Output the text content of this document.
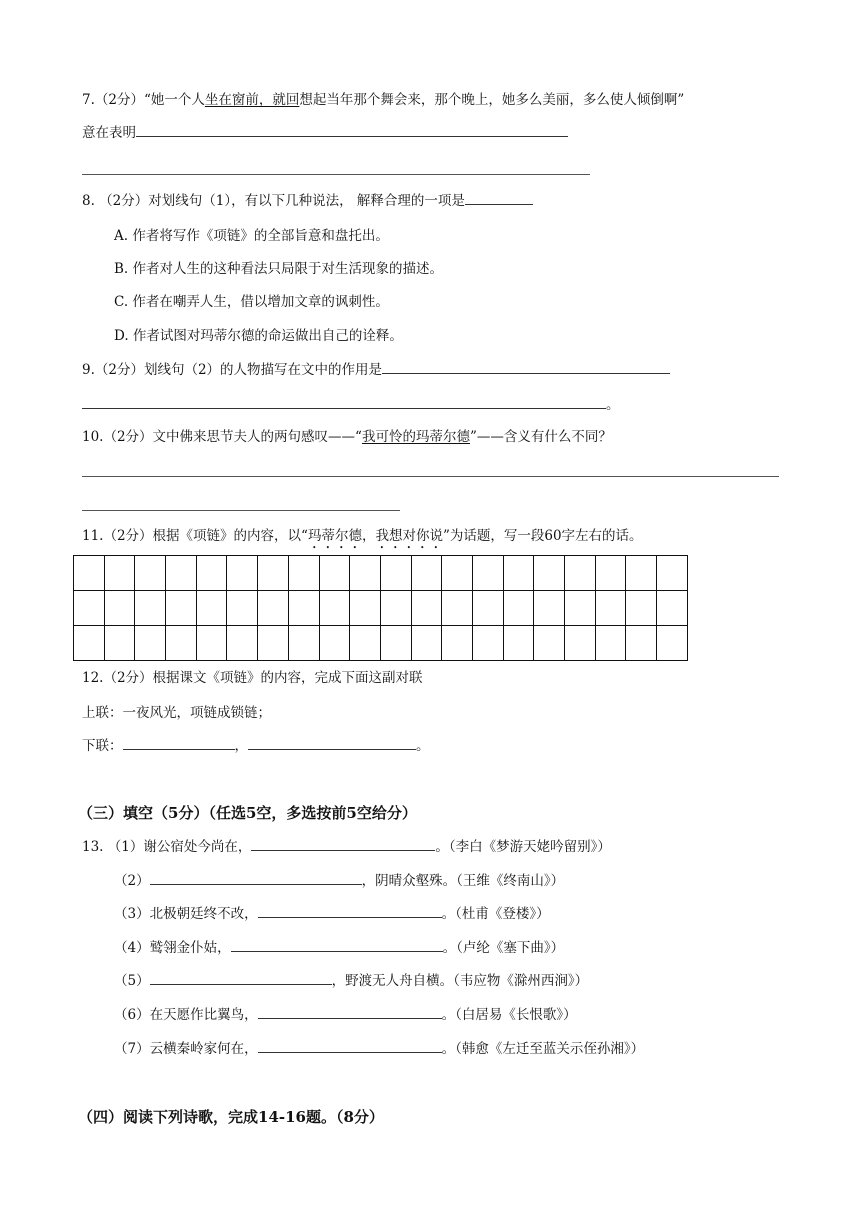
7.（2分）“她一个人坐在窗前，就回想起当年那个舞会来，那个晚上，她多么美丽，多么使人倾倒啊”
意在表明
8. （2分）对划线句（1），有以下几种说法， 解释合理的一项是
A. 作者将写作《项链》的全部旨意和盘托出。
B. 作者对人生的这种看法只局限于对生活现象的描述。
C. 作者在嘲弄人生，借以增加文章的讽刺性。
D. 作者试图对玛蒂尔德的命运做出自己的诠释。
9.（2分）划线句（2）的人物描写在文中的作用是
。
10.（2分）文中佛来思节夫人的两句感叹——“我可怜的玛蒂尔德”——含义有什么不同？
11.（2分）根据《项链》的内容，以“玛蒂尔德，我想对你说”为话题，写一段60字左右的话。

12.（2分）根据课文《项链》的内容，完成下面这副对联
上联：一夜风光，项链成锁链；
下联：	，	。
（三）填空（5分）（任选5空，多选按前5空给分）
13. （1）谢公宿处今尚在，	。（李白《梦游天姥吟留别》）
（2）	，阴晴众壑殊。（王维《终南山》）
（3）北极朝廷终不改，	。（杜甫《登楼》）
（4）鹫翎金仆姑，	。（卢纶《塞下曲》）
（5）	，野渡无人舟自横。（韦应物《滁州西涧》）
（6）在天愿作比翼鸟，	。（白居易《长恨歌》）
（7）云横秦岭家何在，	。（韩愈《左迁至蓝关示侄孙湘》）
（四）阅读下列诗歌，完成14-16题。（8分）
